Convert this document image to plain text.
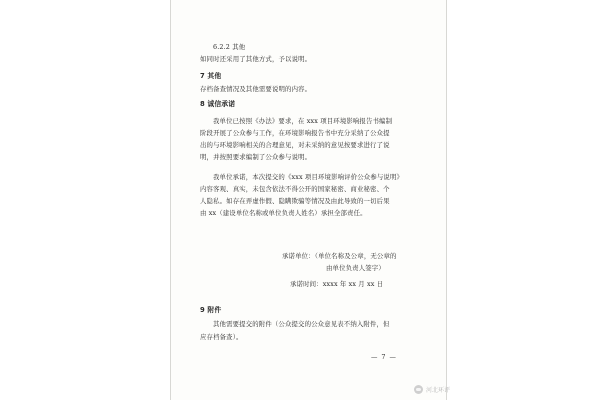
6.2.2 其他
如同时还采用了其他方式，予以说明。
7 其他
存档备查情况及其他需要说明的内容。
8 诚信承诺
我单位已按照《办法》要求，在 xxx 项目环境影响报告书编制
阶段开展了公众参与工作，在环境影响报告书中充分采纳了公众提
出的与环境影响相关的合理意见，对未采纳的意见按要求进行了说
明，并按照要求编制了公众参与说明。
我单位承诺，本次提交的《xxx 项目环境影响评价公众参与说明》
内容客观、真实，未包含依法不得公开的国家秘密、商业秘密、个
人隐私。如存在弄虚作假、隐瞒欺骗等情况及由此导致的一切后果
由 xx（建设单位名称或单位负责人姓名）承担全部责任。
承诺单位：（单位名称及公章，无公章的
由单位负责人签字）
承诺时间：xxxx 年 xx 月 xx 日
9 附件
其他需要提交的附件（公众提交的公众意见表不纳入附件，但
应存档备查）。
— 7 —
河北环评
